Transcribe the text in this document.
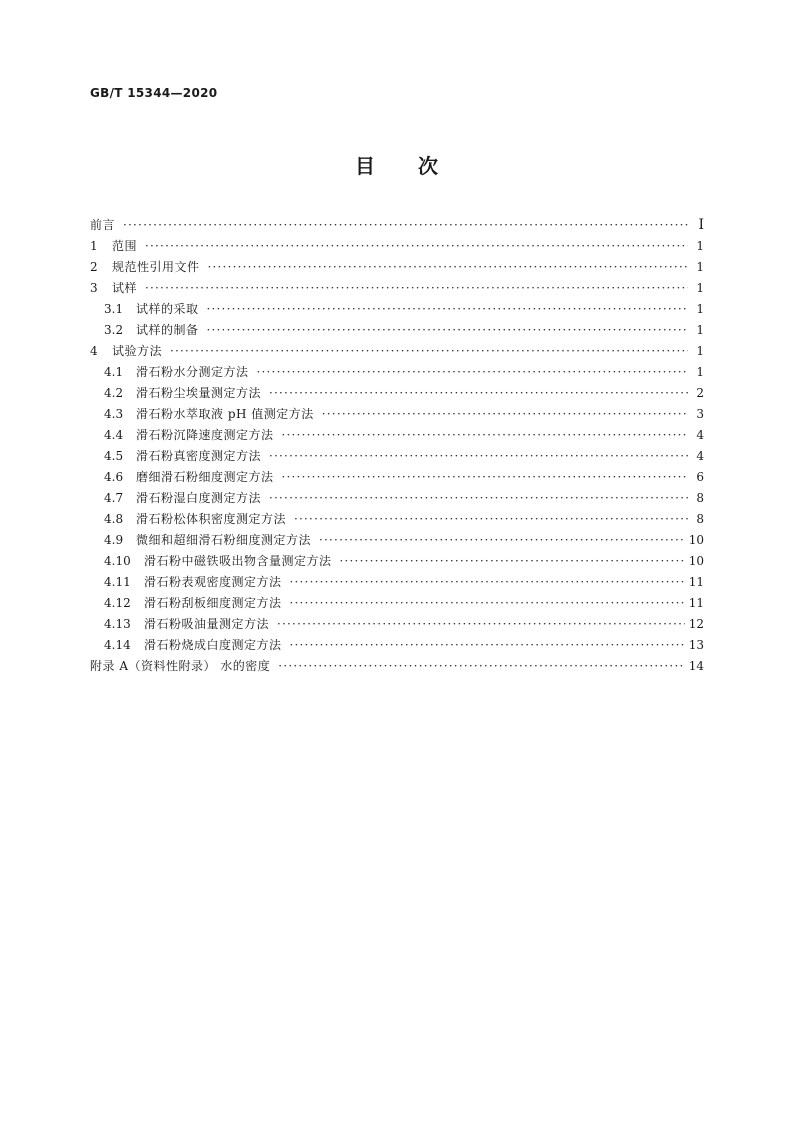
GB/T 15344—2020
目 次
前言 ·····	Ⅰ
1	范围 ·····	1
2	规范性引用文件 ·····	1
3	试样 ·····	1
3.1	试样的采取 ·····	1
3.2	试样的制备 ·····	1
4	试验方法 ·····	1
4.1	滑石粉水分测定方法 ·····	1
4.2	滑石粉尘埃量测定方法 ·····	2
4.3	滑石粉水萃取液 pH 值测定方法 ·····	3
4.4	滑石粉沉降速度测定方法 ·····	4
4.5	滑石粉真密度测定方法 ·····	4
4.6	磨细滑石粉细度测定方法 ·····	6
4.7	滑石粉湿白度测定方法 ·····	8
4.8	滑石粉松体积密度测定方法 ·····	8
4.9	微细和超细滑石粉细度测定方法 ·····	10
4.10	滑石粉中磁铁吸出物含量测定方法 ·····	10
4.11	滑石粉表观密度测定方法 ·····	11
4.12	滑石粉刮板细度测定方法 ·····	11
4.13	滑石粉吸油量测定方法 ·····	12
4.14	滑石粉烧成白度测定方法 ·····	13
附录 A（资料性附录） 水的密度 ·····	14
